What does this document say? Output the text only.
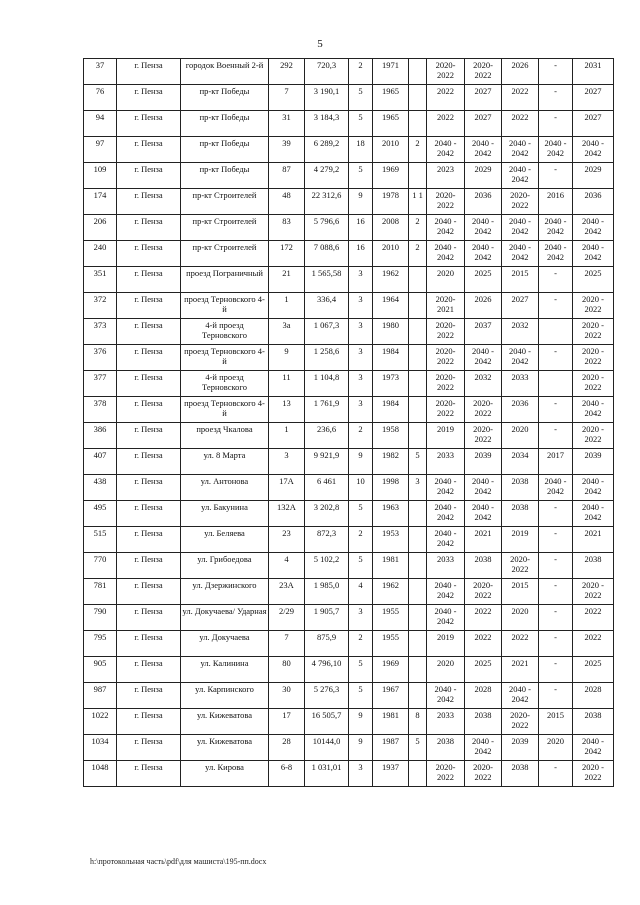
5
37	г. Пенза	городок Военный 2-й	292	720,3	2	1971		2020-2022	2020-2022	2026	-	2031
76	г. Пенза	пр-кт Победы	7	3 190,1	5	1965		2022	2027	2022	-	2027
94	г. Пенза	пр-кт Победы	31	3 184,3	5	1965		2022	2027	2022	-	2027
97	г. Пенза	пр-кт Победы	39	6 289,2	18	2010	2	2040 - 2042	2040 - 2042	2040 - 2042	2040 - 2042	2040 - 2042
109	г. Пенза	пр-кт Победы	87	4 279,2	5	1969		2023	2029	2040 - 2042	-	2029
174	г. Пенза	пр-кт Строителей	48	22 312,6	9	1978	1 1	2020-2022	2036	2020-2022	2016	2036
206	г. Пенза	пр-кт Строителей	83	5 796,6	16	2008	2	2040 - 2042	2040 - 2042	2040 - 2042	2040 - 2042	2040 - 2042
240	г. Пенза	пр-кт Строителей	172	7 088,6	16	2010	2	2040 - 2042	2040 - 2042	2040 - 2042	2040 - 2042	2040 - 2042
351	г. Пенза	проезд Пограничный	21	1 565,58	3	1962		2020	2025	2015	-	2025
372	г. Пенза	проезд Терновского 4-й	1	336,4	3	1964		2020-2021	2026	2027	-	2020 - 2022
373	г. Пенза	4-й проезд Терновского	3а	1 067,3	3	1980		2020-2022	2037	2032		2020 - 2022
376	г. Пенза	проезд Терновского 4-й	9	1 258,6	3	1984		2020-2022	2040 - 2042	2040 - 2042	-	2020 - 2022
377	г. Пенза	4-й проезд Терновского	11	1 104,8	3	1973		2020-2022	2032	2033		2020 - 2022
378	г. Пенза	проезд Терновского 4-й	13	1 761,9	3	1984		2020-2022	2020-2022	2036	-	2040 - 2042
386	г. Пенза	проезд Чкалова	1	236,6	2	1958		2019	2020-2022	2020	-	2020 - 2022
407	г. Пенза	ул. 8 Марта	3	9 921,9	9	1982	5	2033	2039	2034	2017	2039
438	г. Пенза	ул. Антонова	17А	6 461	10	1998	3	2040 - 2042	2040 - 2042	2038	2040 - 2042	2040 - 2042
495	г. Пенза	ул. Бакунина	132А	3 202,8	5	1963		2040 - 2042	2040 - 2042	2038	-	2040 - 2042
515	г. Пенза	ул. Беляева	23	872,3	2	1953		2040 - 2042	2021	2019	-	2021
770	г. Пенза	ул. Грибоедова	4	5 102,2	5	1981		2033	2038	2020-2022	-	2038
781	г. Пенза	ул. Дзержинского	23А	1 985,0	4	1962		2040 - 2042	2020-2022	2015	-	2020 - 2022
790	г. Пенза	ул. Докучаева/ Ударная	2/29	1 905,7	3	1955		2040 - 2042	2022	2020	-	2022
795	г. Пенза	ул. Докучаева	7	875,9	2	1955		2019	2022	2022	-	2022
905	г. Пенза	ул. Калинина	80	4 796,10	5	1969		2020	2025	2021	-	2025
987	г. Пенза	ул. Карпинского	30	5 276,3	5	1967		2040 - 2042	2028	2040 - 2042	-	2028
1022	г. Пенза	ул. Кижеватова	17	16 505,7	9	1981	8	2033	2038	2020-2022	2015	2038
1034	г. Пенза	ул. Кижеватова	28	10144,0	9	1987	5	2038	2040 - 2042	2039	2020	2040 - 2042
1048	г. Пенза	ул. Кирова	6-8	1 031,01	3	1937		2020-2022	2020-2022	2038	-	2020 - 2022
h:\протокольная часть\pdf\для машиста\195-пп.docx
